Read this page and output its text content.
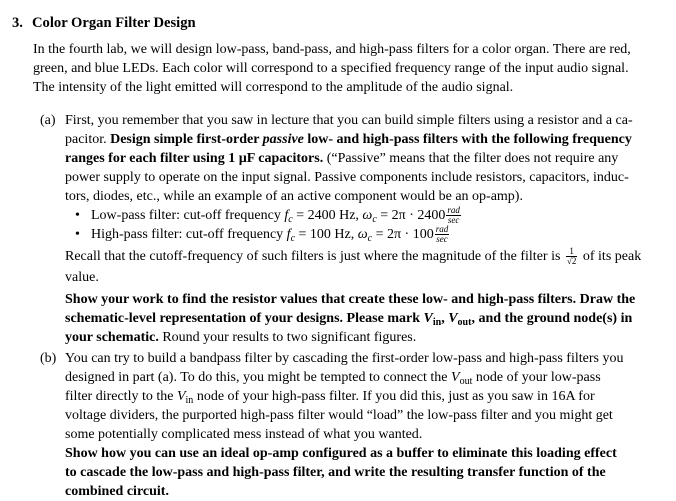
3. Color Organ Filter Design
In the fourth lab, we will design low-pass, band-pass, and high-pass filters for a color organ. There are red,
green, and blue LEDs. Each color will correspond to a specified frequency range of the input audio signal.
The intensity of the light emitted will correspond to the amplitude of the audio signal.
(a) First, you remember that you saw in lecture that you can build simple filters using a resistor and a ca-
pacitor. Design simple first-order passive low- and high-pass filters with the following frequency
ranges for each filter using 1 µF capacitors. (“Passive” means that the filter does not require any
power supply to operate on the input signal. Passive components include resistors, capacitors, induc-
tors, diodes, etc., while an example of an active component would be an op-amp).
• Low-pass filter: cut-off frequency $f_c = 2400$ Hz, $\omega_c = 2\pi \cdot 2400 \frac{\text{rad}}{\sec}$
• High-pass filter: cut-off frequency $f_c = 100$ Hz, $\omega_c = 2\pi \cdot 100 \frac{\text{rad}}{\sec}$
Recall that the cutoff-frequency of such filters is just where the magnitude of the filter is $\frac{1}{√2}$ of its peak
value.
Show your work to find the resistor values that create these low- and high-pass filters. Draw the
schematic-level representation of your designs. Please mark $V_{in}$, $V_{out}$, and the ground node(s) in
your schematic. Round your results to two significant figures.
(b) You can try to build a bandpass filter by cascading the first-order low-pass and high-pass filters you
designed in part (a). To do this, you might be tempted to connect the $V_{out}$ node of your low-pass
filter directly to the $V_{in}$ node of your high-pass filter. If you did this, just as you saw in 16A for
voltage dividers, the purported high-pass filter would “load” the low-pass filter and you might get
some potentially complicated mess instead of what you wanted.
Show how you can use an ideal op-amp configured as a buffer to eliminate this loading effect
to cascade the low-pass and high-pass filter, and write the resulting transfer function of the
combined circuit.
